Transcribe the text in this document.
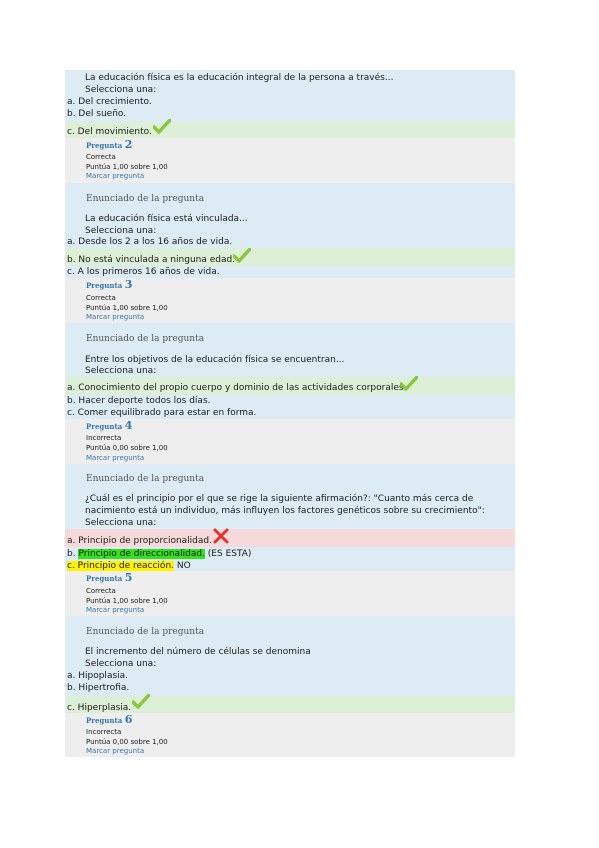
La educación física es la educación integral de la persona a través...
Selecciona una:
a. Del crecimiento.
b. Del sueño.
c. Del movimiento.
Pregunta 2
Correcta
Puntúa 1,00 sobre 1,00
Marcar pregunta
Enunciado de la pregunta
La educación física está vinculada...
Selecciona una:
a. Desde los 2 a los 16 años de vida.
b. No está vinculada a ninguna edad.
c. A los primeros 16 años de vida.
Pregunta 3
Correcta
Puntúa 1,00 sobre 1,00
Marcar pregunta
Enunciado de la pregunta
Entre los objetivos de la educación física se encuentran...
Selecciona una:
a. Conocimiento del propio cuerpo y dominio de las actividades corporales.
b. Hacer deporte todos los días.
c. Comer equilibrado para estar en forma.
Pregunta 4
Incorrecta
Puntúa 0,00 sobre 1,00
Marcar pregunta
Enunciado de la pregunta
¿Cuál es el principio por el que se rige la siguiente afirmación?: "Cuanto más cerca de nacimiento está un individuo, más influyen los factores genéticos sobre su crecimiento":
Selecciona una:
a. Principio de proporcionalidad.
b. Principio de direccionalidad. (ES ESTA)
c. Principio de reacción. NO
Pregunta 5
Correcta
Puntúa 1,00 sobre 1,00
Marcar pregunta
Enunciado de la pregunta
El incremento del número de células se denomina
Selecciona una:
a. Hipoplasia.
b. Hipertrofia.
c. Hiperplasia.
Pregunta 6
Incorrecta
Puntúa 0,00 sobre 1,00
Marcar pregunta
